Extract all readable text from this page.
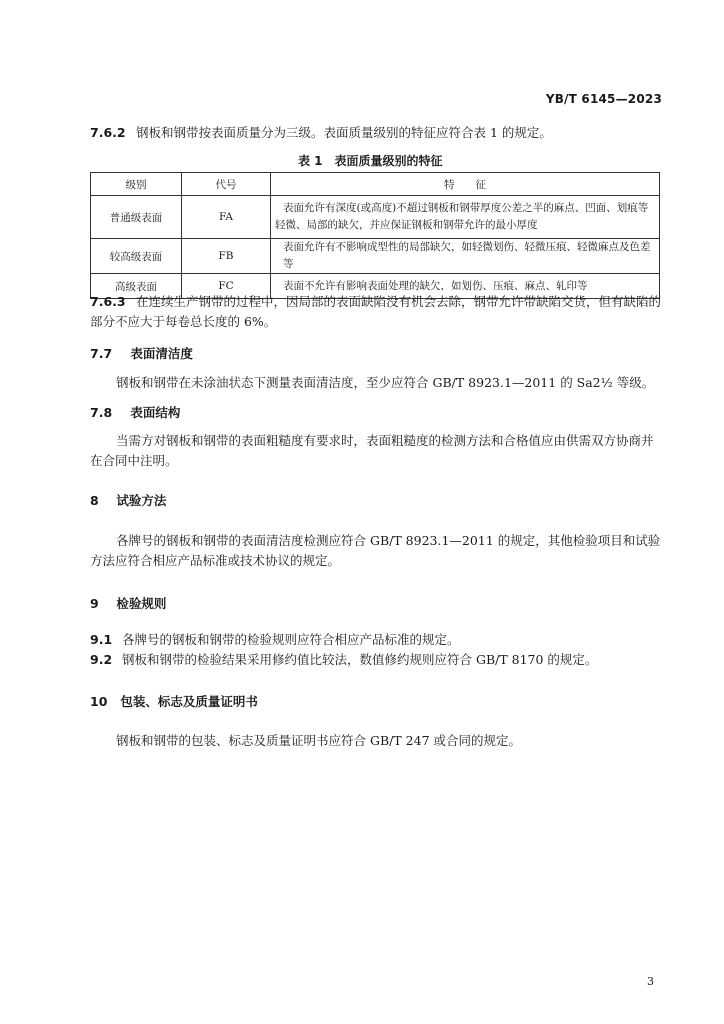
YB/T 6145—2023
7.6.2 钢板和钢带按表面质量分为三级。表面质量级别的特征应符合表 1 的规定。
表 1　表面质量级别的特征
级别	代号	特　　征
普通级表面	FA	表面允许有深度(或高度)不超过钢板和钢带厚度公差之半的麻点、凹面、划痕等
轻微、局部的缺欠，并应保证钢板和钢带允许的最小厚度

较高级表面	FB	表面允许有不影响成型性的局部缺欠，如轻微划伤、轻微压痕、轻微麻点及色差等
高级表面	FC	表面不允许有影响表面处理的缺欠，如划伤、压痕、麻点、轧印等
7.6.3 在连续生产钢带的过程中，因局部的表面缺陷没有机会去除，钢带允许带缺陷交货，但有缺陷的
部分不应大于每卷总长度的 6%。
7.7 表面清洁度
钢板和钢带在未涂油状态下测量表面清洁度，至少应符合 GB/T 8923.1—2011 的 Sa2½ 等级。
7.8 表面结构
当需方对钢板和钢带的表面粗糙度有要求时，表面粗糙度的检测方法和合格值应由供需双方协商并
在合同中注明。
8 试验方法
各牌号的钢板和钢带的表面清洁度检测应符合 GB/T 8923.1—2011 的规定，其他检验项目和试验
方法应符合相应产品标准或技术协议的规定。
9 检验规则
9.1 各牌号的钢板和钢带的检验规则应符合相应产品标准的规定。
9.2 钢板和钢带的检验结果采用修约值比较法，数值修约规则应符合 GB/T 8170 的规定。
10 包装、标志及质量证明书
钢板和钢带的包装、标志及质量证明书应符合 GB/T 247 或合同的规定。
3
